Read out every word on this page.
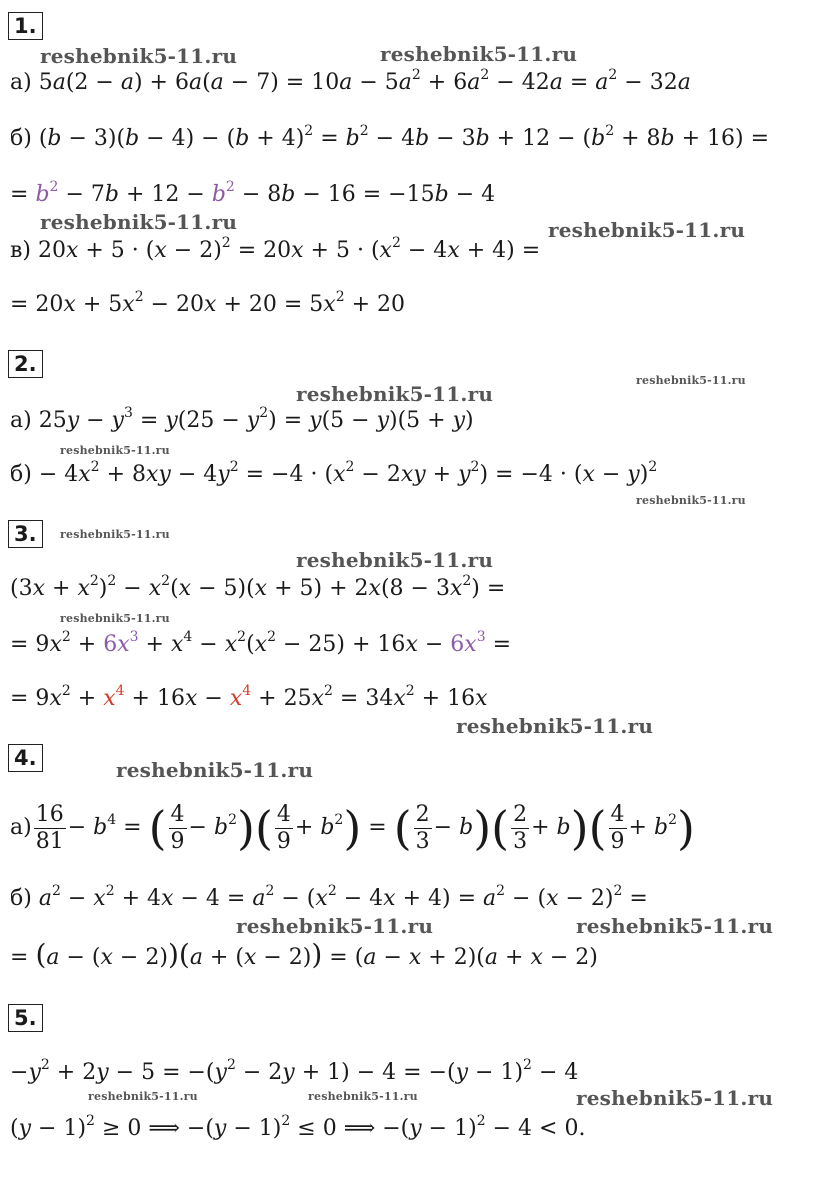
1.
а) $5a(2 - a) + 6a(a - 7) = 10a - 5a^2 + 6a^2 - 42a = a^2 - 32a$
б) $(b - 3)(b - 4) - (b + 4)^2 = b^2 - 4b - 3b + 12 - (b^2 + 8b + 16)$ =
= $b^2 - 7b + 12 - b^2 - 8b - 16 = -15b - 4$
в) $20x + 5 \cdot (x - 2)^2 = 20x + 5 \cdot (x^2 - 4x + 4)$ =
= $20x + 5x^2 - 20x + 20 = 5x^2 + 20$
2.
а) $25y - y^3 = y(25 - y^2) = y(5 - y)(5 + y)$
$б) - 4x^2 + 8xy - 4y^2 = -4 \cdot (x^2 - 2xy + y^2) = -4 \cdot (x - y)^2$
3.
$(3x + x^2)^2 - x^2(x - 5)(x + 5) + 2x(8 - 3x^2)$ =
= $9x^2 + 6x^3 + x^4 - x^2(x^2 - 25) + 16x - 6x^3$ =
= $9x^2 + x^4 + 16x - x^4 + 25x^2 = 34x^2 + 16x$
4.
$а) \frac{16}{81} - b^4$ = ( $\frac{4}{9} - b^2)( \frac{4}{9} + b^2)$ = ( $\frac{2}{3} - b)( \frac{2}{3} + b)( \frac{4}{9} + b^2)$
б) $a^2 - x^2 + 4x - 4 = a^2 - (x^2 - 4x + 4) = a^2 - (x - 2)^2$ =
= (a − (x − 2))(a + (x − 2)) = (a − x + 2)(a + x − 2)
5.
$-y^2 + 2y - 5 = -(y^2 - 2y + 1) - 4 = -(y - 1)^2 - 4$
$(y - 1)^2 \ge 0$ ⟹ $-(y - 1)^2 \le 0$ ⟹ $-(y - 1)^2 - 4 < 0$.
reshebnik5-11.ru	reshebnik5-11.ru
reshebnik5-11.ru	reshebnik5-11.ru
reshebnik5-11.ru
reshebnik5-11.ru
reshebnik5-11.ru
reshebnik5-11.ru
reshebnik5-11.ru
reshebnik5-11.ru
reshebnik5-11.ru
reshebnik5-11.ru
reshebnik5-11.ru
reshebnik5-11.ru	reshebnik5-11.ru
reshebnik5-11.ru	reshebnik5-11.ru	reshebnik5-11.ru
